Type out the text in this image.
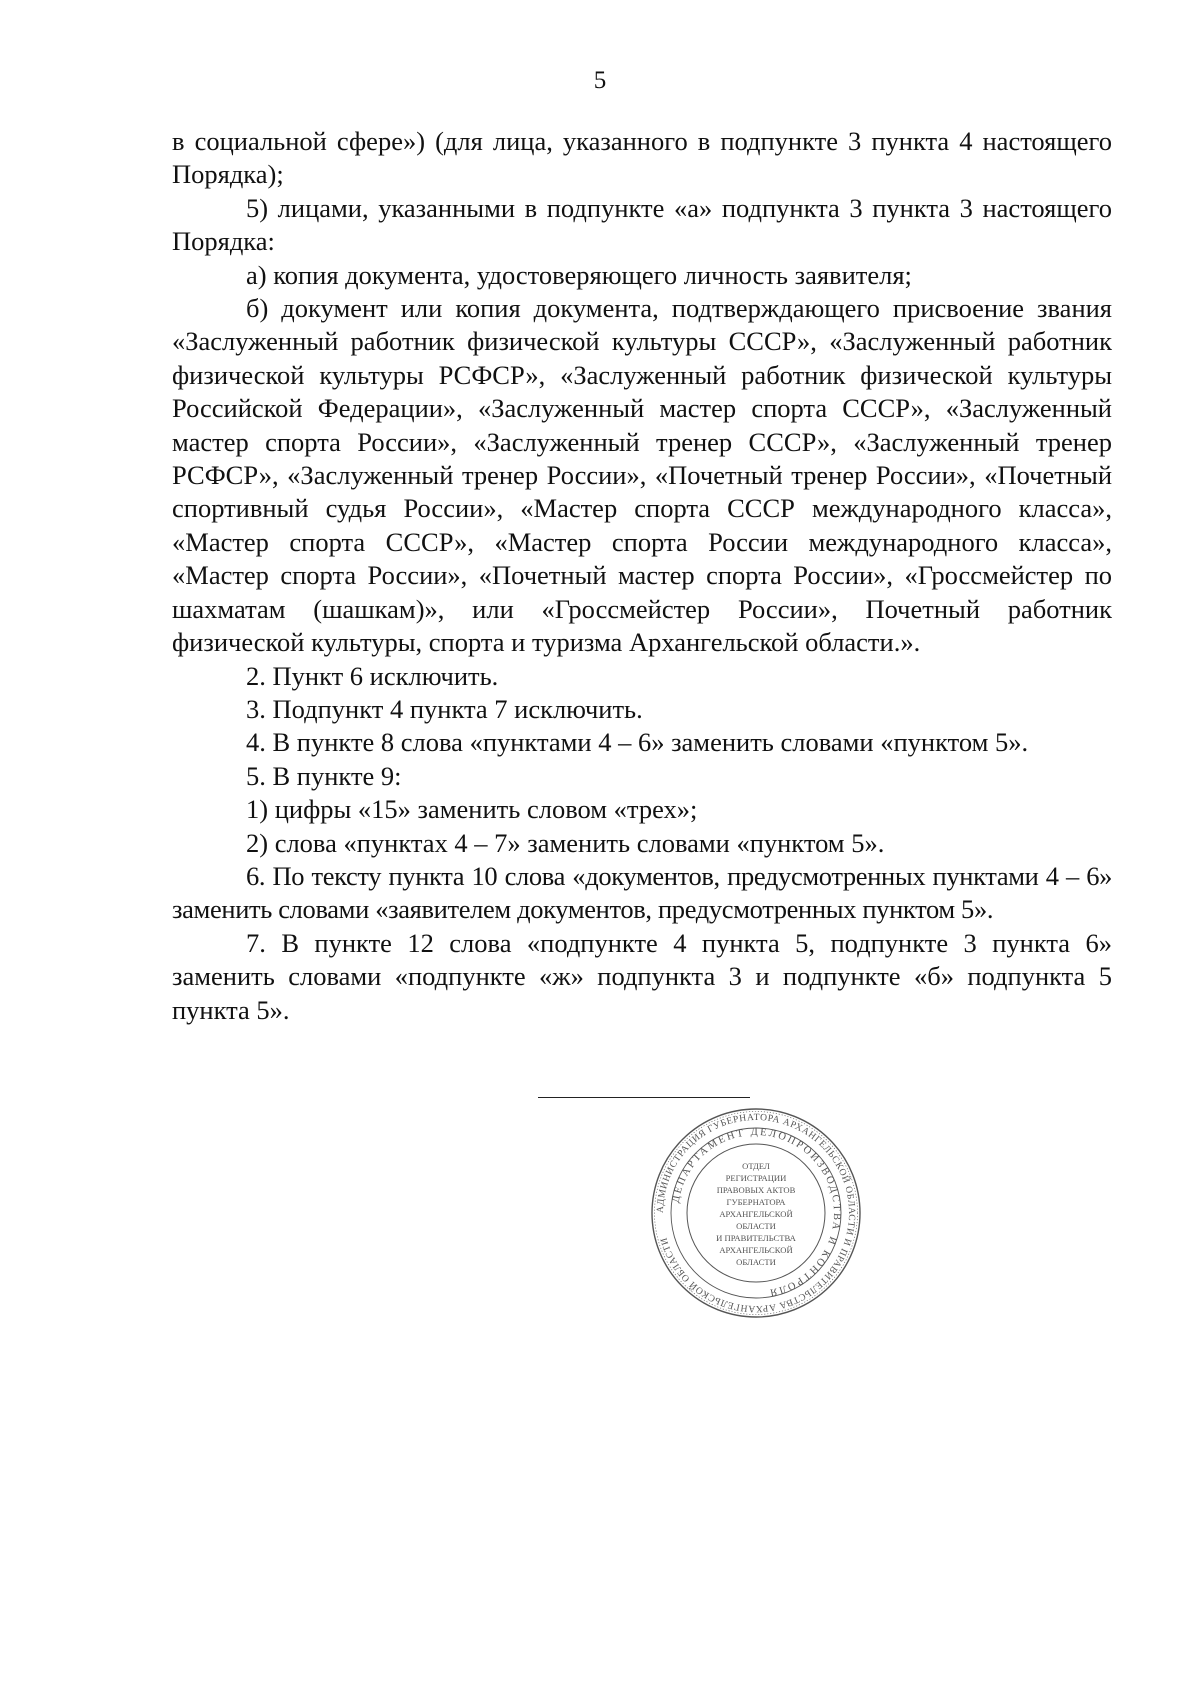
5

в социальной сфере») (для лица, указанного в подпункте 3 пункта 4 настоящего Порядка);

5) лицами, указанными в подпункте «а» подпункта 3 пункта 3 настоящего Порядка:

а) копия документа, удостоверяющего личность заявителя;

б) документ или копия документа, подтверждающего присвоение звания «Заслуженный работник физической культуры СССР», «Заслуженный работник физической культуры РСФСР», «Заслуженный работник физической культуры Российской Федерации», «Заслуженный мастер спорта СССР», «Заслуженный мастер спорта России», «Заслуженный тренер СССР», «Заслуженный тренер РСФСР», «Заслуженный тренер России», «Почетный тренер России», «Почетный спортивный судья России», «Мастер спорта СССР международного класса», «Мастер спорта СССР», «Мастер спорта России международного класса», «Мастер спорта России», «Почетный мастер спорта России», «Гроссмейстер по шахматам (шашкам)», или «Гроссмейстер России», Почетный работник физической культуры, спорта и туризма Архангельской области.».

2. Пункт 6 исключить.

3. Подпункт 4 пункта 7 исключить.

4. В пункте 8 слова «пунктами 4 – 6» заменить словами «пунктом 5».

5. В пункте 9:

1) цифры «15» заменить словом «трех»;

2) слова «пунктах 4 – 7» заменить словами «пунктом 5».

6. По тексту пункта 10 слова «документов, предусмотренных пунктами 4 – 6» заменить словами «заявителем документов, предусмотренных пунктом 5».

7. В пункте 12 слова «подпункте 4 пункта 5, подпункте 3 пункта 6» заменить словами «подпункте «ж» подпункта 3 и подпункте «б» подпункта 5 пункта 5».

АДМИНИСТРАЦИЯ ГУБЕРНАТОРА АРХАНГЕЛЬСКОЙ ОБЛАСТИ И ПРАВИТЕЛЬСТВА АРХАНГЕЛЬСКОЙ ОБЛАСТИ
ДЕПАРТАМЕНТ ДЕЛОПРОИЗВОДСТВА И КОНТРОЛЯ
ОТДЕЛ
РЕГИСТРАЦИИ
ПРАВОВЫХ АКТОВ
ГУБЕРНАТОРА
АРХАНГЕЛЬСКОЙ
ОБЛАСТИ
И ПРАВИТЕЛЬСТВА
АРХАНГЕЛЬСКОЙ
ОБЛАСТИ
